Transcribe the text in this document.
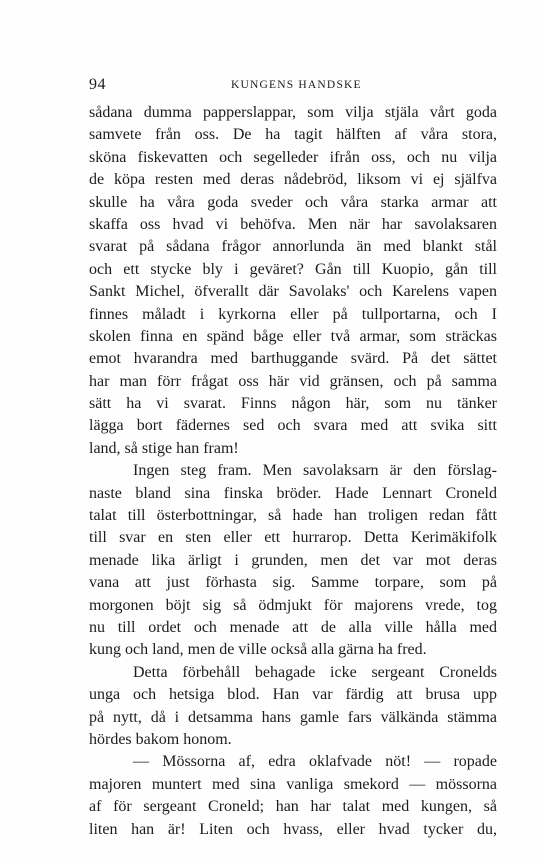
94	KUNGENS HANDSKE
sådana dumma papperslappar, som vilja stjäla vårt goda
samvete från oss. De ha tagit hälften af våra stora,
sköna fiskevatten och segelleder ifrån oss, och nu vilja
de köpa resten med deras nådebröd, liksom vi ej själfva
skulle ha våra goda sveder och våra starka armar att
skaffa oss hvad vi behöfva. Men när har savolaksaren
svarat på sådana frågor annorlunda än med blankt stål
och ett stycke bly i geväret? Gån till Kuopio, gån till
Sankt Michel, öfverallt där Savolaks' och Karelens vapen
finnes måladt i kyrkorna eller på tullportarna, och I
skolen finna en spänd båge eller två armar, som sträckas
emot hvarandra med barthuggande svärd. På det sättet
har man förr frågat oss här vid gränsen, och på samma
sätt ha vi svarat. Finns någon här, som nu tänker
lägga bort fädernes sed och svara med att svika sitt
land, så stige han fram!
Ingen steg fram. Men savolaksarn är den förslag-
naste bland sina finska bröder. Hade Lennart Croneld
talat till österbottningar, så hade han troligen redan fått
till svar en sten eller ett hurrarop. Detta Kerimäkifolk
menade lika ärligt i grunden, men det var mot deras
vana att just förhasta sig. Samme torpare, som på
morgonen böjt sig så ödmjukt för majorens vrede, tog
nu till ordet och menade att de alla ville hålla med
kung och land, men de ville också alla gärna ha fred.
Detta förbehåll behagade icke sergeant Cronelds
unga och hetsiga blod. Han var färdig att brusa upp
på nytt, då i detsamma hans gamle fars välkända stämma
hördes bakom honom.
— Mössorna af, edra oklafvade nöt! — ropade
majoren muntert med sina vanliga smekord — mössorna
af för sergeant Croneld; han har talat med kungen, så
liten han är! Liten och hvass, eller hvad tycker du,
